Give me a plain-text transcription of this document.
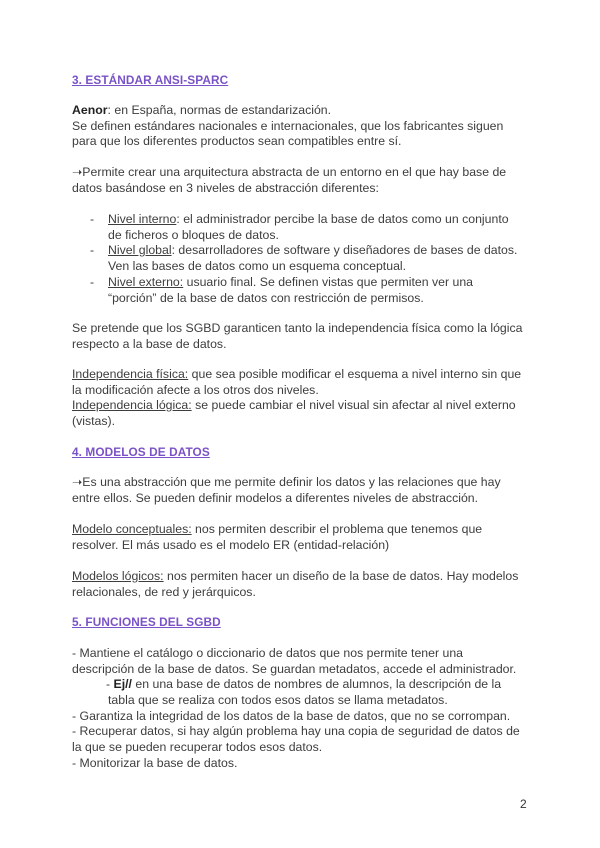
3. ESTÁNDAR ANSI-SPARC
Aenor: en España, normas de estandarización.
Se definen estándares nacionales e internacionales, que los fabricantes siguen
para que los diferentes productos sean compatibles entre sí.
➝Permite crear una arquitectura abstracta de un entorno en el que hay base de
datos basándose en 3 niveles de abstracción diferentes:
- Nivel interno: el administrador percibe la base de datos como un conjunto
de ficheros o bloques de datos.
- Nivel global: desarrolladores de software y diseñadores de bases de datos.
Ven las bases de datos como un esquema conceptual.
- Nivel externo: usuario final. Se definen vistas que permiten ver una
“porción” de la base de datos con restricción de permisos.
Se pretende que los SGBD garanticen tanto la independencia física como la lógica
respecto a la base de datos.
Independencia física: que sea posible modificar el esquema a nivel interno sin que
la modificación afecte a los otros dos niveles.
Independencia lógica: se puede cambiar el nivel visual sin afectar al nivel externo
(vistas).
4. MODELOS DE DATOS
➝Es una abstracción que me permite definir los datos y las relaciones que hay
entre ellos. Se pueden definir modelos a diferentes niveles de abstracción.
Modelo conceptuales: nos permiten describir el problema que tenemos que
resolver. El más usado es el modelo ER (entidad-relación)
Modelos lógicos: nos permiten hacer un diseño de la base de datos. Hay modelos
relacionales, de red y jerárquicos.
5. FUNCIONES DEL SGBD
- Mantiene el catálogo o diccionario de datos que nos permite tener una
descripción de la base de datos. Se guardan metadatos, accede el administrador.
- Ej// en una base de datos de nombres de alumnos, la descripción de la
tabla que se realiza con todos esos datos se llama metadatos.
- Garantiza la integridad de los datos de la base de datos, que no se corrompan.
- Recuperar datos, si hay algún problema hay una copia de seguridad de datos de
la que se pueden recuperar todos esos datos.
- Monitorizar la base de datos.
2
